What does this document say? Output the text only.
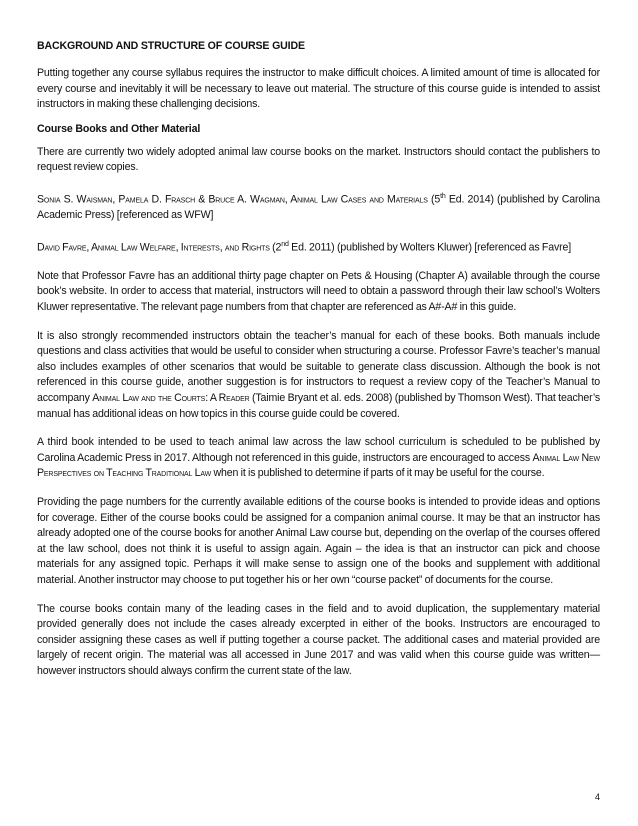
BACKGROUND AND STRUCTURE OF COURSE GUIDE

Putting together any course syllabus requires the instructor to make difficult choices. A limited amount of time is allocated for every course and inevitably it will be necessary to leave out material. The structure of this course guide is intended to assist instructors in making these challenging decisions.

Course Books and Other Material

There are currently two widely adopted animal law course books on the market. Instructors should contact the publishers to request review copies.

Sonia S. Waisman, Pamela D. Frasch & Bruce A. Wagman, Animal Law Cases and Materials (5th Ed. 2014) (published by Carolina Academic Press) [referenced as WFW]

David Favre, Animal Law Welfare, Interests, and Rights (2nd Ed. 2011) (published by Wolters Kluwer) [referenced as Favre]

Note that Professor Favre has an additional thirty page chapter on Pets & Housing (Chapter A) available through the course book’s website. In order to access that material, instructors will need to obtain a password through their law school’s Wolters Kluwer representative. The relevant page numbers from that chapter are referenced as A#-A# in this guide.

It is also strongly recommended instructors obtain the teacher’s manual for each of these books. Both manuals include questions and class activities that would be useful to consider when structuring a course. Professor Favre’s teacher’s manual also includes examples of other scenarios that would be suitable to generate class discussion. Although the book is not referenced in this course guide, another suggestion is for instructors to request a review copy of the Teacher’s Manual to accompany Animal Law and the Courts: A Reader (Taimie Bryant et al. eds. 2008) (published by Thomson West). That teacher’s manual has additional ideas on how topics in this course guide could be covered.

A third book intended to be used to teach animal law across the law school curriculum is scheduled to be published by Carolina Academic Press in 2017. Although not referenced in this guide, instructors are encouraged to access Animal Law New Perspectives on Teaching Traditional Law when it is published to determine if parts of it may be useful for the course.

Providing the page numbers for the currently available editions of the course books is intended to provide ideas and options for coverage. Either of the course books could be assigned for a companion animal course. It may be that an instructor has already adopted one of the course books for another Animal Law course but, depending on the overlap of the courses offered at the law school, does not think it is useful to assign again. Again – the idea is that an instructor can pick and choose materials for any assigned topic. Perhaps it will make sense to assign one of the books and supplement with additional material. Another instructor may choose to put together his or her own “course packet” of documents for the course.

The course books contain many of the leading cases in the field and to avoid duplication, the supplementary material provided generally does not include the cases already excerpted in either of the books. Instructors are encouraged to consider assigning these cases as well if putting together a course packet. The additional cases and material provided are largely of recent origin. The material was all accessed in June 2017 and was valid when this course guide was written—however instructors should always confirm the current state of the law.

4
